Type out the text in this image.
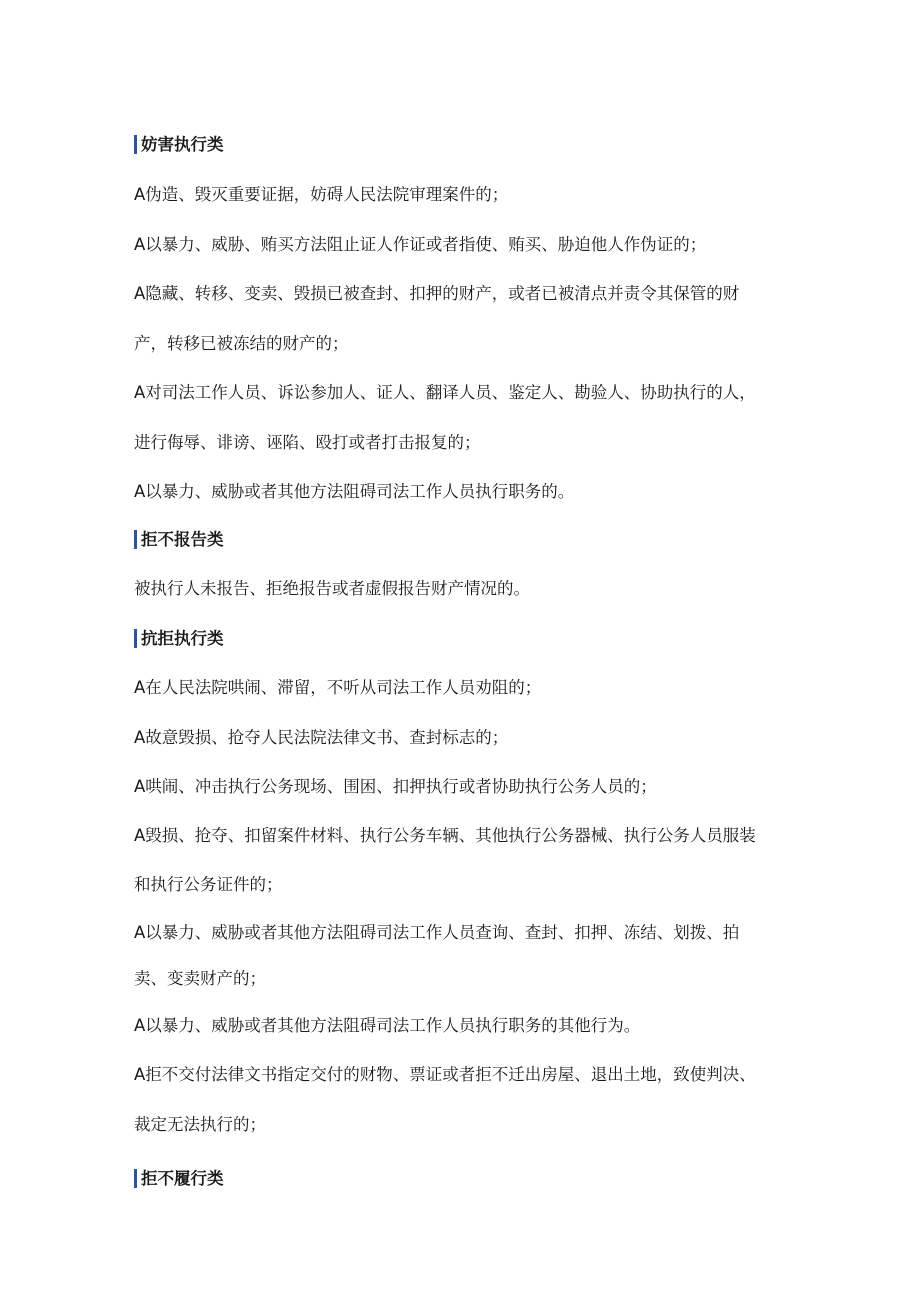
妨害执行类
A伪造、毁灭重要证据，妨碍人民法院审理案件的；
A以暴力、威胁、贿买方法阻止证人作证或者指使、贿买、胁迫他人作伪证的；
A隐藏、转移、变卖、毁损已被查封、扣押的财产，或者已被清点并责令其保管的财
产，转移已被冻结的财产的；
A对司法工作人员、诉讼参加人、证人、翻译人员、鉴定人、勘验人、协助执行的人，
进行侮辱、诽谤、诬陷、殴打或者打击报复的；
A以暴力、威胁或者其他方法阻碍司法工作人员执行职务的。
拒不报告类
被执行人未报告、拒绝报告或者虚假报告财产情况的。
抗拒执行类
A在人民法院哄闹、滞留，不听从司法工作人员劝阻的；
A故意毁损、抢夺人民法院法律文书、查封标志的；
A哄闹、冲击执行公务现场、围困、扣押执行或者协助执行公务人员的；
A毁损、抢夺、扣留案件材料、执行公务车辆、其他执行公务器械、执行公务人员服装
和执行公务证件的；
A以暴力、威胁或者其他方法阻碍司法工作人员查询、查封、扣押、冻结、划拨、拍
卖、变卖财产的；
A以暴力、威胁或者其他方法阻碍司法工作人员执行职务的其他行为。
A拒不交付法律文书指定交付的财物、票证或者拒不迁出房屋、退出土地，致使判决、
裁定无法执行的；
拒不履行类
